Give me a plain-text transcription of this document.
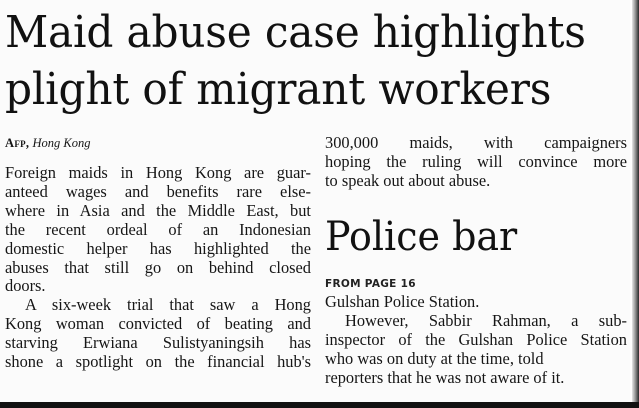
Maid abuse case highlights
plight of migrant workers
Afp, Hong Kong

Foreign maids in Hong Kong are guar-
anteed wages and benefits rare else-
where in Asia and the Middle East, but
the recent ordeal of an Indonesian
domestic helper has highlighted the
abuses that still go on behind closed
doors.

A six-week trial that saw a Hong
Kong woman convicted of beating and
starving Erwiana Sulistyaningsih has
shone a spotlight on the financial hub's

300,000 maids, with campaigners
hoping the ruling will convince more
to speak out about abuse.

Police bar
FROM PAGE 16

Gulshan Police Station.

However, Sabbir Rahman, a sub-
inspector of the Gulshan Police Station
who was on duty at the time, told
reporters that he was not aware of it.
